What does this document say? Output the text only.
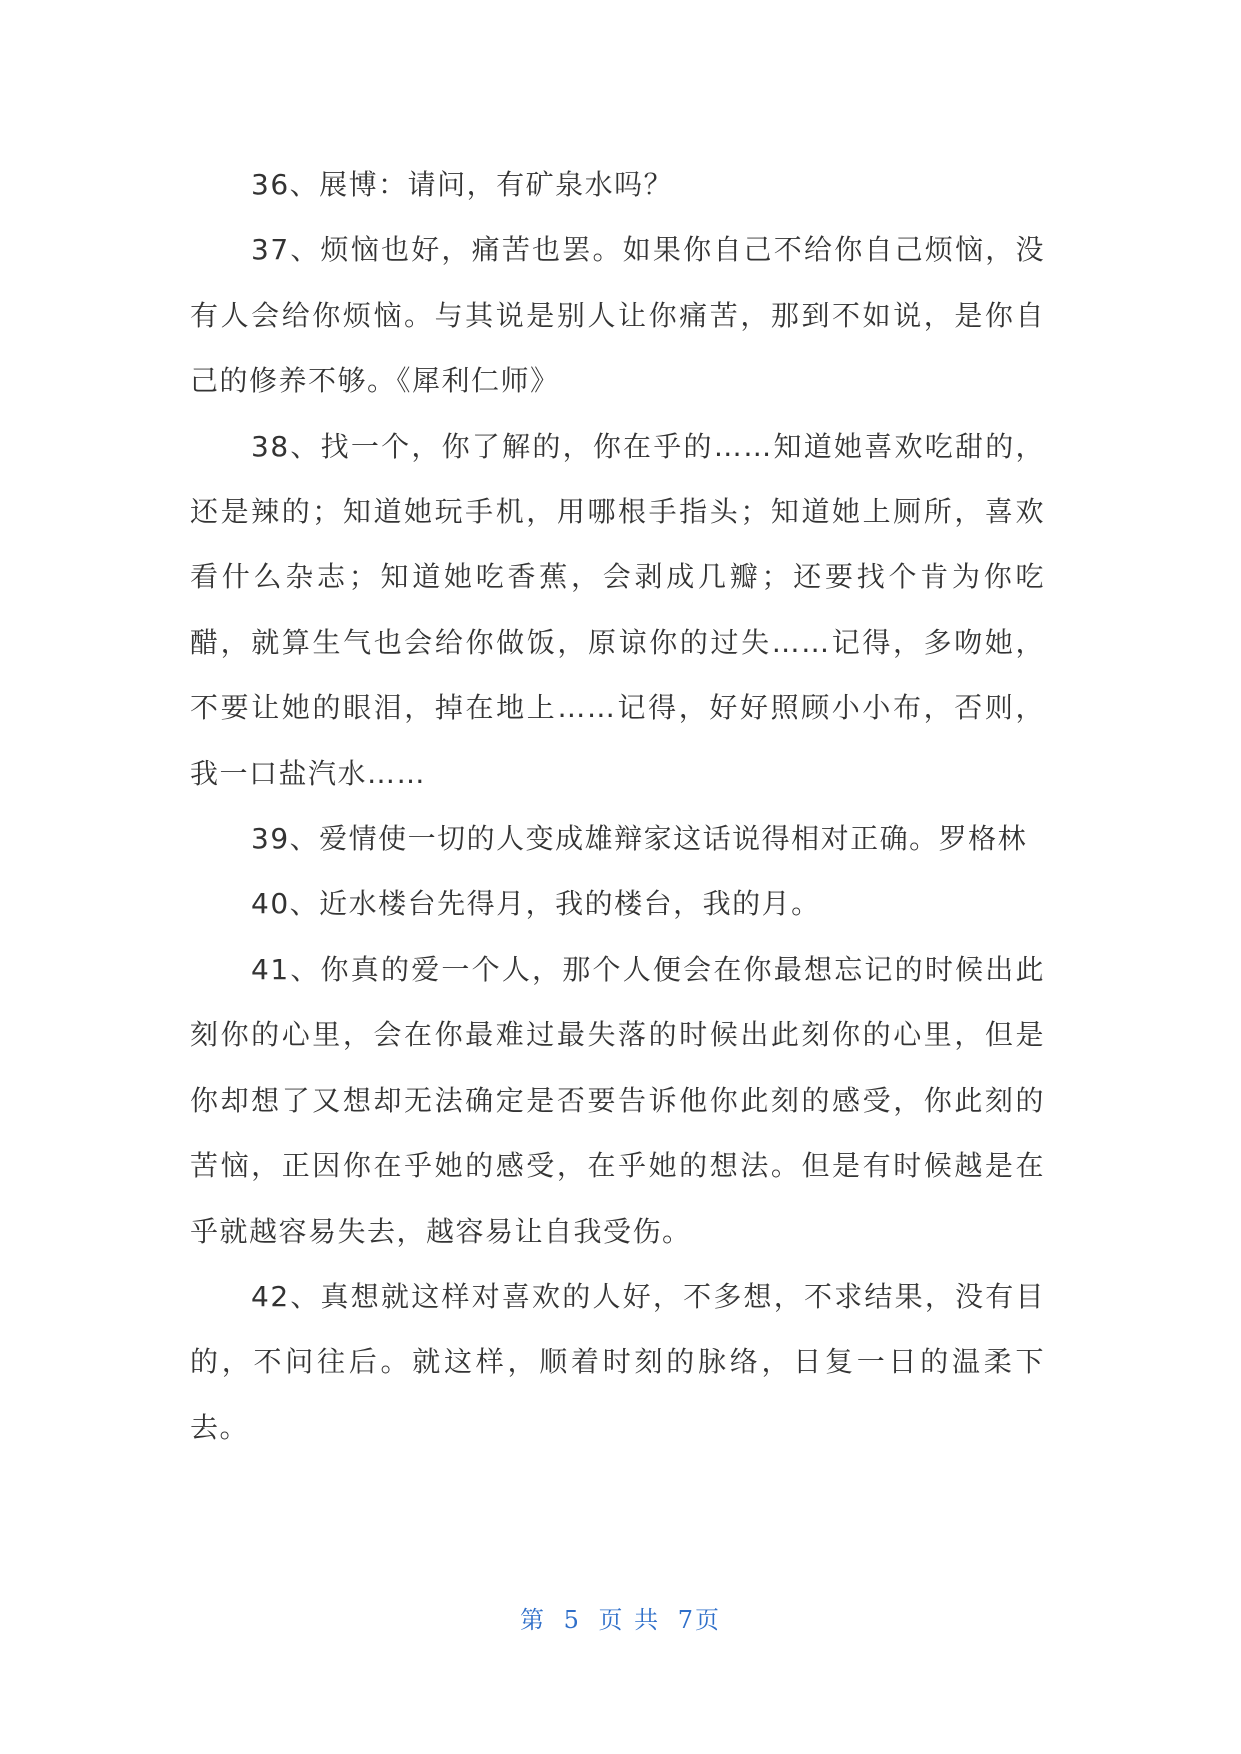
36、展博：请问，有矿泉水吗？

37、烦恼也好，痛苦也罢。如果你自己不给你自己烦恼，没有人会给你烦恼。与其说是别人让你痛苦，那到不如说，是你自己的修养不够。《犀利仁师》

38、找一个，你了解的，你在乎的……知道她喜欢吃甜的，还是辣的；知道她玩手机，用哪根手指头；知道她上厕所，喜欢看什么杂志；知道她吃香蕉，会剥成几瓣；还要找个肯为你吃醋，就算生气也会给你做饭，原谅你的过失……记得，多吻她，不要让她的眼泪，掉在地上……记得，好好照顾小小布，否则，我一口盐汽水……

39、爱情使一切的人变成雄辩家这话说得相对正确。罗格林

40、近水楼台先得月，我的楼台，我的月。

41、你真的爱一个人，那个人便会在你最想忘记的时候出此刻你的心里，会在你最难过最失落的时候出此刻你的心里，但是你却想了又想却无法确定是否要告诉他你此刻的感受，你此刻的苦恼，正因你在乎她的感受，在乎她的想法。但是有时候越是在乎就越容易失去，越容易让自我受伤。

42、真想就这样对喜欢的人好，不多想，不求结果，没有目的，不问往后。就这样，顺着时刻的脉络，日复一日的温柔下去。

第 5 页 共 7页
